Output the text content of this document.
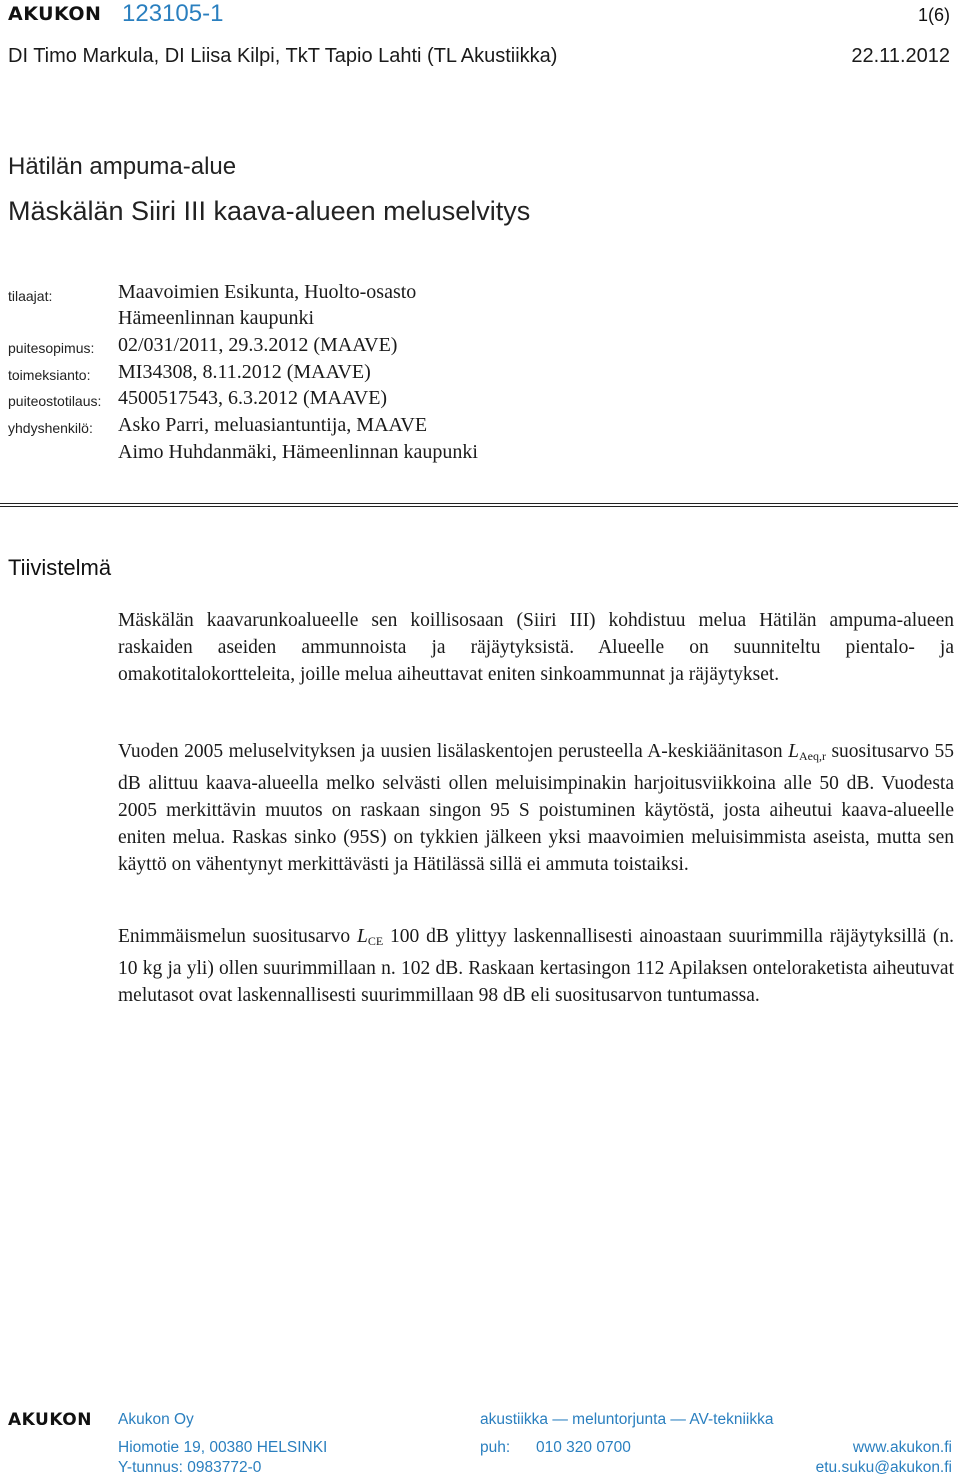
AKUKON 123105-1	1(6)
DI Timo Markula, DI Liisa Kilpi, TkT Tapio Lahti (TL Akustiikka)	22.11.2012
Hätilän ampuma-alue
Mäskälän Siiri III kaava-alueen meluselvitys
tilaajat:	Maavoimien Esikunta, Huolto-osasto
Hämeenlinnan kaupunki
puitesopimus: 02/031/2011, 29.3.2012 (MAAVE)
toimeksianto: MI34308, 8.11.2012 (MAAVE)
puiteostotilaus: 4500517543, 6.3.2012 (MAAVE)
yhdyshenkilö: Asko Parri, meluasiantuntija, MAAVE
Aimo Huhdanmäki, Hämeenlinnan kaupunki
Tiivistelmä

Mäskälän kaavarunkoalueelle sen koillisosaan (Siiri III) kohdistuu melua Hätilän ampuma-alueen raskaiden aseiden ammunnoista ja räjäytyksistä. Alueelle on suunniteltu pientalo- ja omakotitalokortteleita, joille melua aiheuttavat eniten sinkoammunnat ja räjäytykset.

Vuoden 2005 meluselvityksen ja uusien lisälaskentojen perusteella A-keskiäänitason $L_{Aeq,r}$ suositusarvo 55 dB alittuu kaava-alueella melko selvästi ollen meluisimpinakin harjoitusviikkoina alle 50 dB. Vuodesta 2005 merkittävin muutos on raskaan singon 95 S poistuminen käytöstä, josta aiheutui kaava-alueelle eniten melua. Raskas sinko (95S) on tykkien jälkeen yksi maavoimien meluisimmista aseista, mutta sen käyttö on vähentynyt merkittävästi ja Hätilässä sillä ei ammuta toistaiksi.

Enimmäismelun suositusarvo $L_{CE}$ 100 dB ylittyy laskennallisesti ainoastaan suurimmilla räjäytyksillä (n. 10 kg ja yli) ollen suurimmillaan n. 102 dB. Raskaan kertasingon 112 Apilaksen onteloraketista aiheutuvat melutasot ovat laskennallisesti suurimmillaan 98 dB eli suositusarvon tuntumassa.

AKUKON Akukon Oy	akustiikka — meluntorjunta — AV-tekniikka
Hiomotie 19, 00380 HELSINKI	puh: 010 320 0700	www.akukon.fi
Y-tunnus: 0983772-0	etu.suku@akukon.fi
